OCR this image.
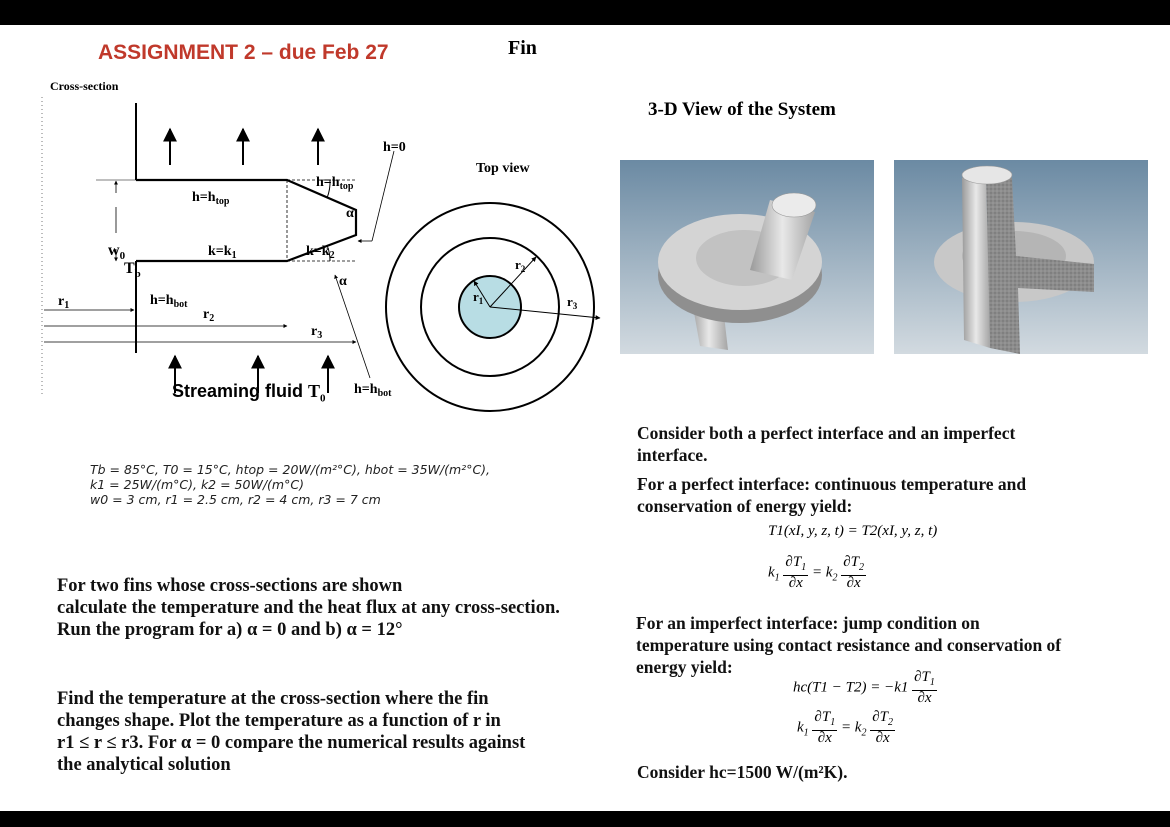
ASSIGNMENT 2 – due Feb 27	Fin
Cross-section
$h=h_{top}$
$h=h_{top}$
h=0
$k=k_1$	$k=k_2$
α
α
$w_0$
$T_b$
$h=h_{bot}$
$r_2$
$r_1$
$r_3$
$h=h_{bot}$
Top view
$r_1$
$r_2$
$r_3$
Streaming fluid $T_0$
Tb = 85°C, T0 = 15°C, htop = 20W/(m²°C), hbot = 35W/(m²°C),
k1 = 25W/(m°C), k2 = 50W/(m°C)
w0 = 3 cm, r1 = 2.5 cm, r2 = 4 cm, r3 = 7 cm
For two fins whose cross-sections are shown
calculate the temperature and the heat flux at any cross-section.
Run the program for a) α = 0 and b) α = 12°
Find the temperature at the cross-section where the fin
changes shape. Plot the temperature as a function of r in
r1 ≤ r ≤ r3. For α = 0 compare the numerical results against
the analytical solution
3-D View of the System
Consider both a perfect interface and an imperfect
interface.
For a perfect interface: continuous temperature and
conservation of energy yield:
T1(xI, y, z, t) = T2(xI, y, z, t)
$k_1 \frac{\partial T_1}{\partial x} = k_2 \frac{\partial T_2}{\partial x}$
For an imperfect interface: jump condition on
temperature using contact resistance and conservation of
energy yield:
$hc(T1 - T2) = -k1 \frac{\partial T_1}{\partial x}$
$k_1 \frac{\partial T_1}{\partial x} = k_2 \frac{\partial T_2}{\partial x}$
Consider hc=1500 W/(m²K).
